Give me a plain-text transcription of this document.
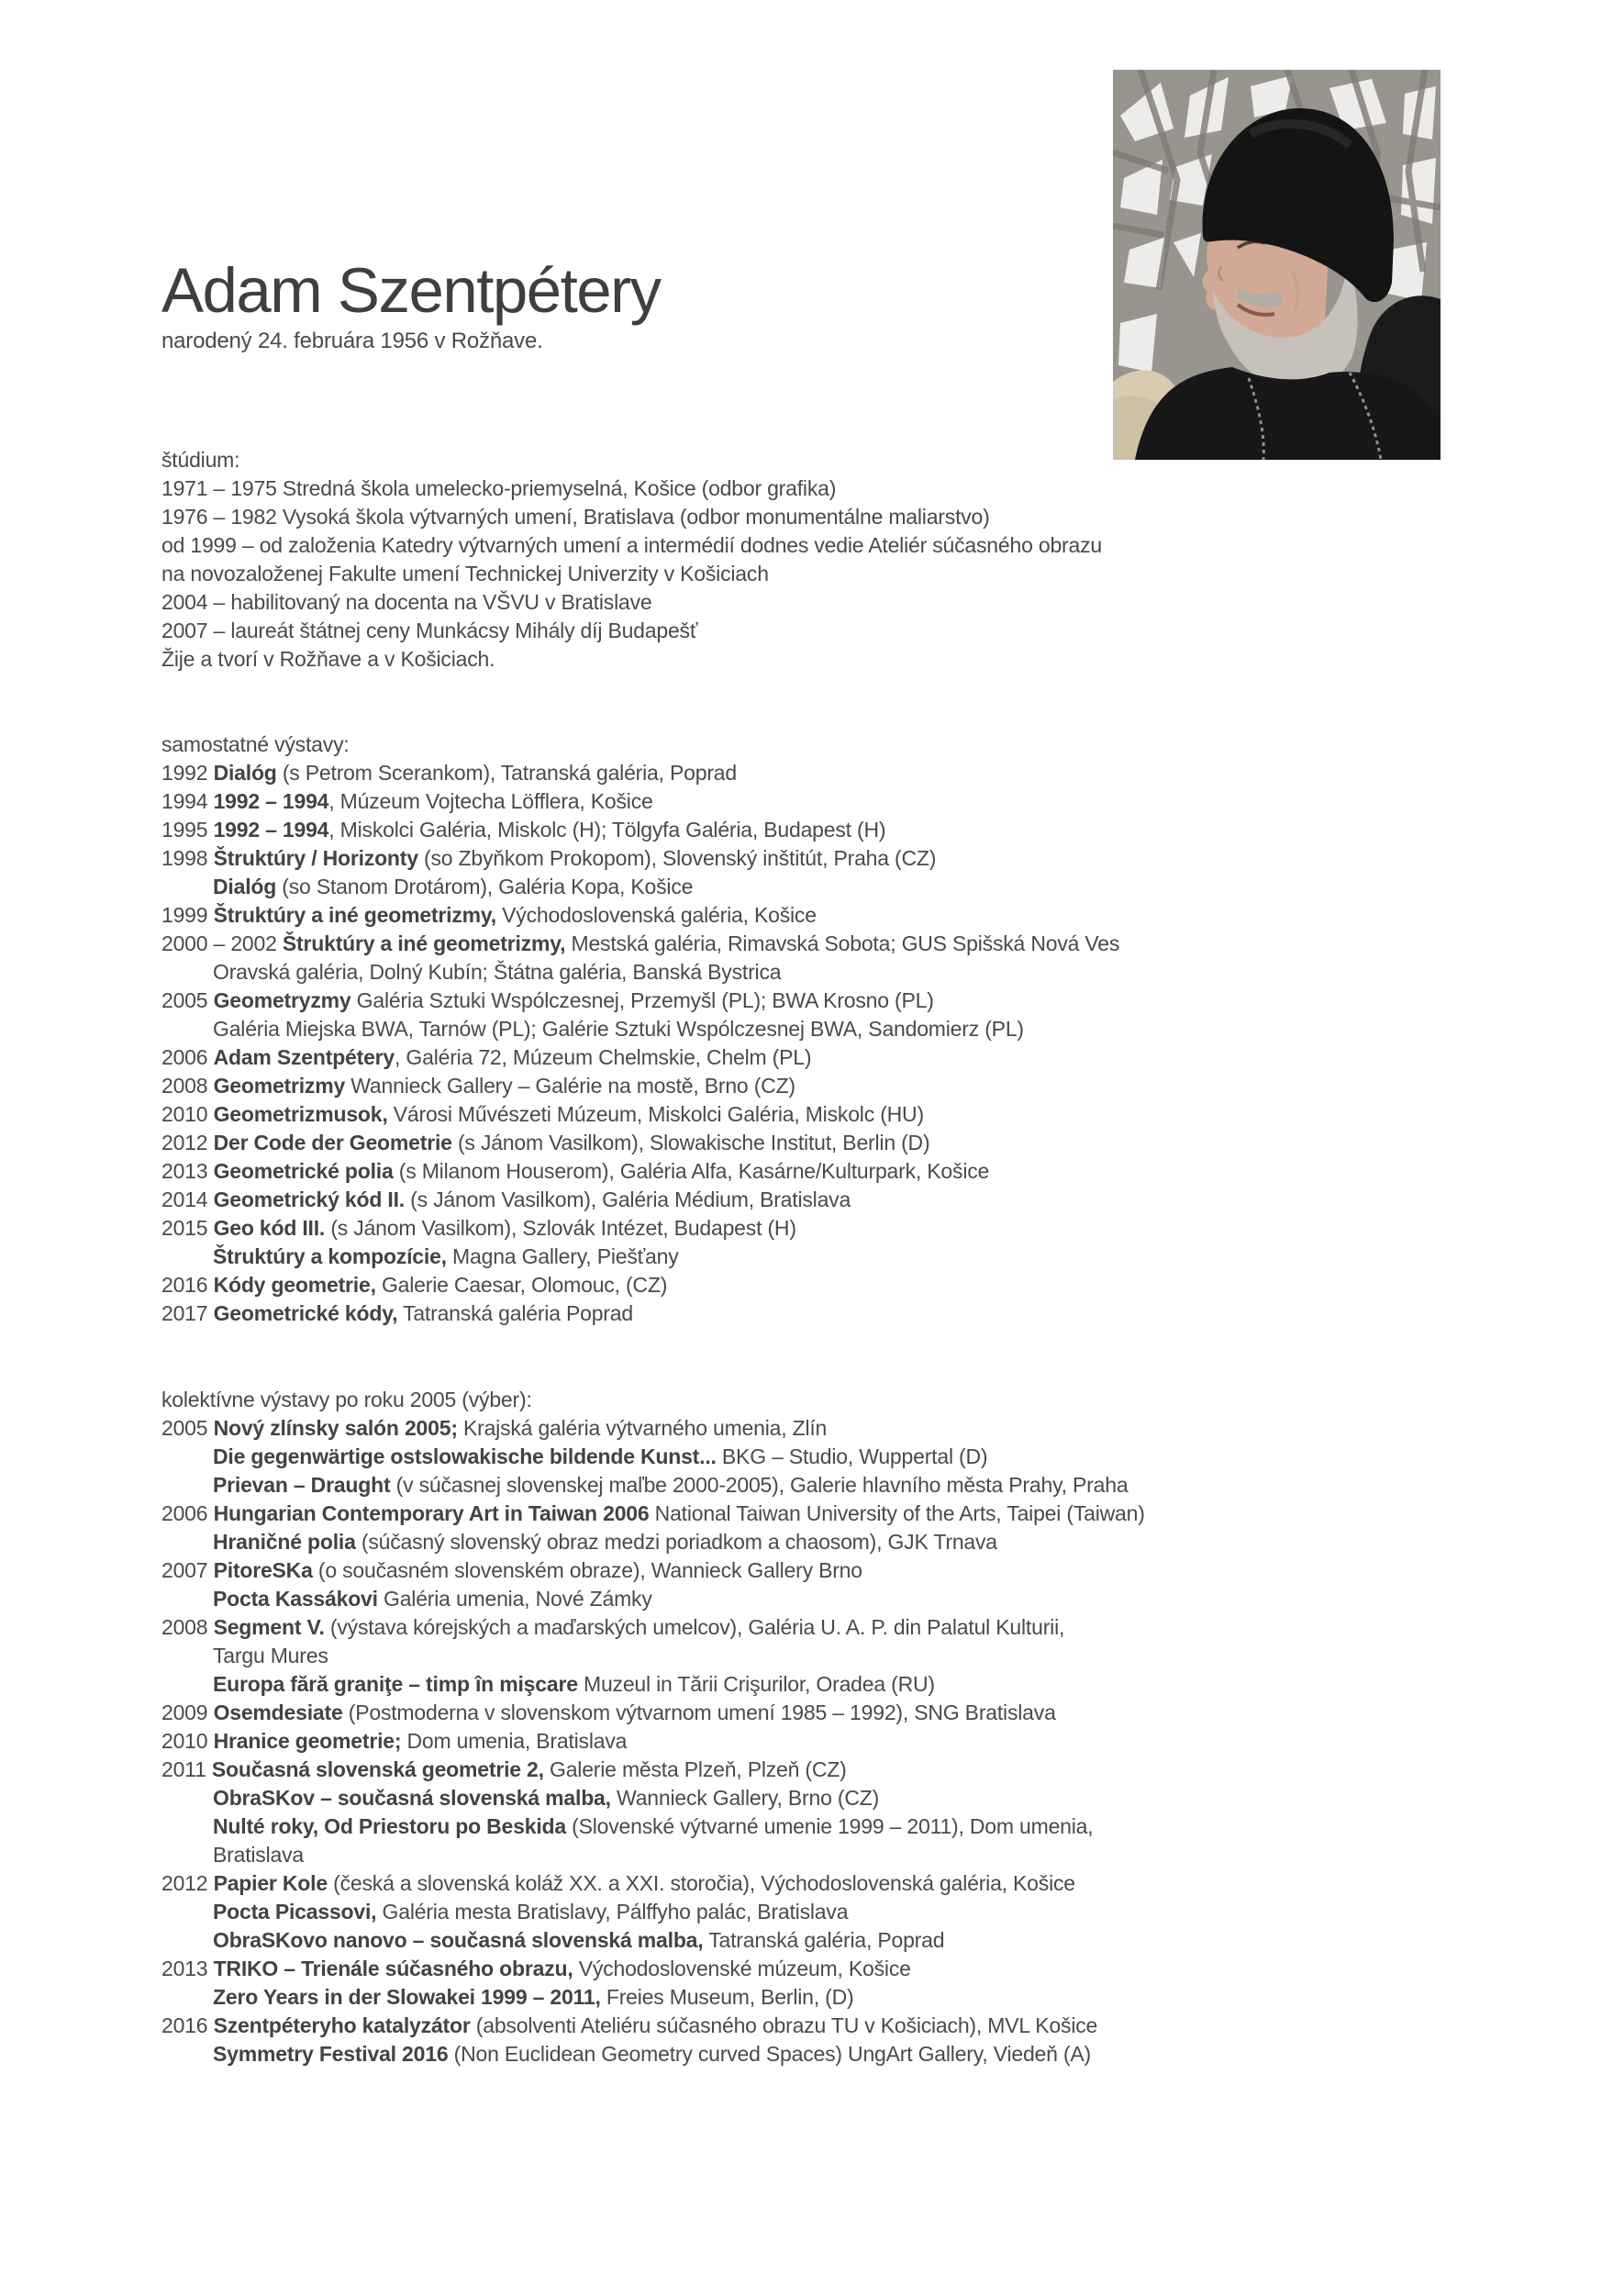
Adam Szentpétery
narodený 24. februára 1956 v Rožňave.
štúdium:
1971 – 1975 Stredná škola umelecko-priemyselná, Košice (odbor grafika)
1976 – 1982 Vysoká škola výtvarných umení, Bratislava (odbor monumentálne maliarstvo)
od 1999 – od založenia Katedry výtvarných umení a intermédií dodnes vedie Ateliér súčasného obrazu
na novozaloženej Fakulte umení Technickej Univerzity v Košiciach
2004 – habilitovaný na docenta na VŠVU v Bratislave
2007 – laureát štátnej ceny Munkácsy Mihály díj Budapešť
Žije a tvorí v Rožňave a v Košiciach.
samostatné výstavy:
1992 Dialóg (s Petrom Scerankom), Tatranská galéria, Poprad
1994 1992 – 1994, Múzeum Vojtecha Löfflera, Košice
1995 1992 – 1994, Miskolci Galéria, Miskolc (H); Tölgyfa Galéria, Budapest (H)
1998 Štruktúry / Horizonty (so Zbyňkom Prokopom), Slovenský inštitút, Praha (CZ)
Dialóg (so Stanom Drotárom), Galéria Kopa, Košice
1999 Štruktúry a iné geometrizmy, Východoslovenská galéria, Košice
2000 – 2002 Štruktúry a iné geometrizmy, Mestská galéria, Rimavská Sobota; GUS Spišská Nová Ves
Oravská galéria, Dolný Kubín; Štátna galéria, Banská Bystrica
2005 Geometryzmy Galéria Sztuki Wspólczesnej, Przemyšl (PL); BWA Krosno (PL)
Galéria Miejska BWA, Tarnów (PL); Galérie Sztuki Wspólczesnej BWA, Sandomierz (PL)
2006 Adam Szentpétery, Galéria 72, Múzeum Chelmskie, Chelm (PL)
2008 Geometrizmy Wannieck Gallery – Galérie na mostě, Brno (CZ)
2010 Geometrizmusok, Városi Művészeti Múzeum, Miskolci Galéria, Miskolc (HU)
2012 Der Code der Geometrie (s Jánom Vasilkom), Slowakische Institut, Berlin (D)
2013 Geometrické polia (s Milanom Houserom), Galéria Alfa, Kasárne/Kulturpark, Košice
2014 Geometrický kód II. (s Jánom Vasilkom), Galéria Médium, Bratislava
2015 Geo kód III. (s Jánom Vasilkom), Szlovák Intézet, Budapest (H)
Štruktúry a kompozície, Magna Gallery, Piešťany
2016 Kódy geometrie, Galerie Caesar, Olomouc, (CZ)
2017 Geometrické kódy, Tatranská galéria Poprad
kolektívne výstavy po roku 2005 (výber):
2005 Nový zlínsky salón 2005; Krajská galéria výtvarného umenia, Zlín
Die gegenwärtige ostslowakische bildende Kunst... BKG – Studio, Wuppertal (D)
Prievan – Draught (v súčasnej slovenskej maľbe 2000-2005), Galerie hlavního města Prahy, Praha
2006 Hungarian Contemporary Art in Taiwan 2006 National Taiwan University of the Arts, Taipei (Taiwan)
Hraničné polia (súčasný slovenský obraz medzi poriadkom a chaosom), GJK Trnava
2007 PitoreSKa (o současném slovenském obraze), Wannieck Gallery Brno
Pocta Kassákovi Galéria umenia, Nové Zámky
2008 Segment V. (výstava kórejských a maďarských umelcov), Galéria U. A. P. din Palatul Kulturii,
Targu Mures
Europa fără graniţe – timp în mişcare Muzeul in Tării Crişurilor, Oradea (RU)
2009 Osemdesiate (Postmoderna v slovenskom výtvarnom umení 1985 – 1992), SNG Bratislava
2010 Hranice geometrie; Dom umenia, Bratislava
2011 Současná slovenská geometrie 2, Galerie města Plzeň, Plzeň (CZ)
ObraSKov – současná slovenská malba, Wannieck Gallery, Brno (CZ)
Nulté roky, Od Priestoru po Beskida (Slovenské výtvarné umenie 1999 – 2011), Dom umenia,
Bratislava
2012 Papier Kole (česká a slovenská koláž XX. a XXI. storočia), Východoslovenská galéria, Košice
Pocta Picassovi, Galéria mesta Bratislavy, Pálffyho palác, Bratislava
ObraSKovo nanovo – současná slovenská malba, Tatranská galéria, Poprad
2013 TRIKO – Trienále súčasného obrazu, Východoslovenské múzeum, Košice
Zero Years in der Slowakei 1999 – 2011, Freies Museum, Berlin, (D)
2016 Szentpéteryho katalyzátor (absolventi Ateliéru súčasného obrazu TU v Košiciach), MVL Košice
Symmetry Festival 2016 (Non Euclidean Geometry curved Spaces) UngArt Gallery, Viedeň (A)
